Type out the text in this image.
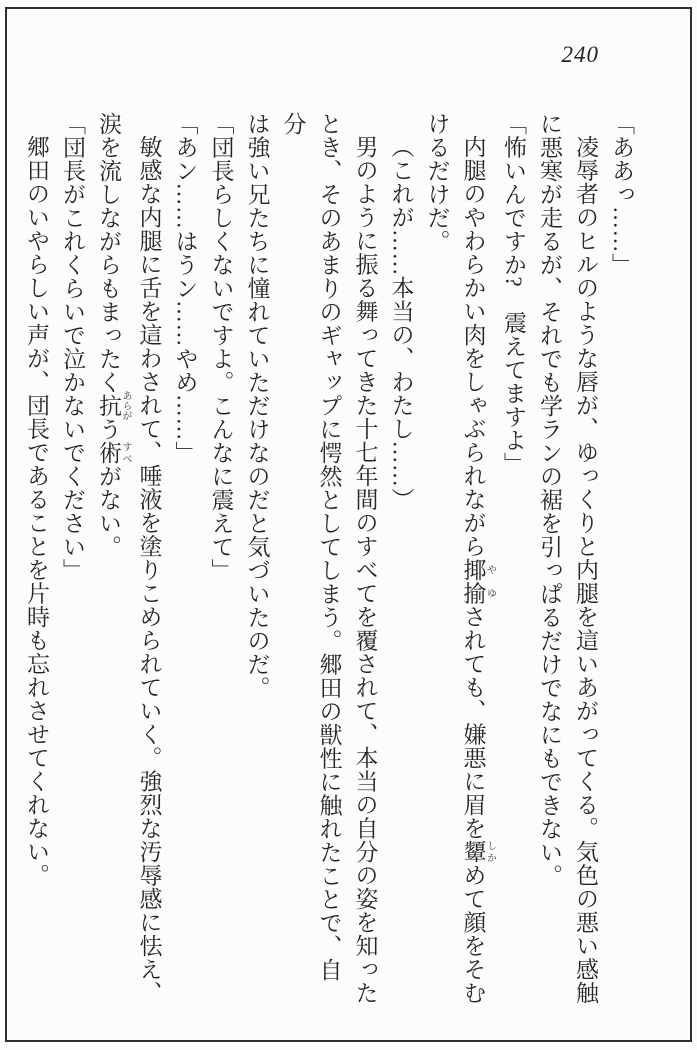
240
「ああっ……」
凌辱者のヒルのような唇が、ゆっくりと内腿を這いあがってくる。気色の悪い感触
に悪寒が走るが、それでも学ランの裾を引っぱるだけでなにもできない。
「怖いんですか?　震えてますよ」
内腿のやわらかい肉をしゃぶられながら揶揄 やゆされても、嫌悪に眉を顰 しかめて顔をそむ
けるだけだ。
（これが……本当の、わたし……）
男のように振る舞ってきた十七年間のすべてを覆されて、本当の自分の姿を知った
とき、そのあまりのギャップに愕然としてしまう。郷田の獣性に触れたことで、自分
は強い兄たちに憧れていただけなのだと気づいたのだ。
「団長らしくないですよ。こんなに震えて」
「あン……はうン……やめ……」
敏感な内腿に舌を這わされて、唾液を塗りこめられていく。強烈な汚辱感に怯え、
涙を流しながらもまったく抗 あらがう術 すべがない。
「団長がこれくらいで泣かないでください」
郷田のいやらしい声が、団長であることを片時も忘れさせてくれない。
